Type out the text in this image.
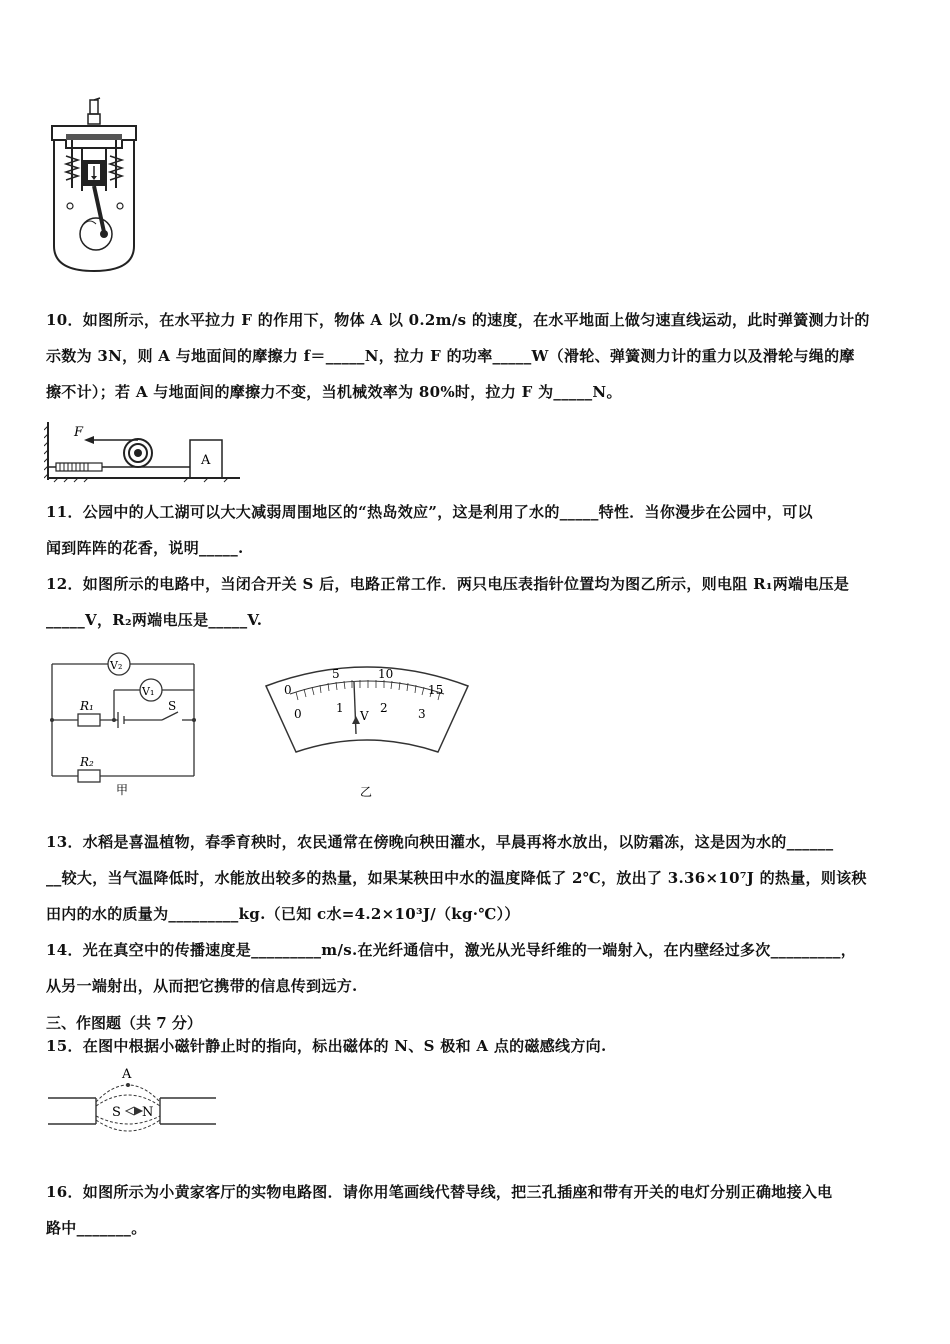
10．如图所示，在水平拉力 F 的作用下，物体 A 以 0.2m/s 的速度，在水平地面上做匀速直线运动，此时弹簧测力计的
示数为 3N，则 A 与地面间的摩擦力 f＝_____N，拉力 F 的功率_____W（滑轮、弹簧测力计的重力以及滑轮与绳的摩
擦不计）；若 A 与地面间的摩擦力不变，当机械效率为 80%时，拉力 F 为_____N。
F
A
11．公园中的人工湖可以大大减弱周围地区的“热岛效应”，这是利用了水的_____特性．当你漫步在公园中，可以
闻到阵阵的花香，说明_____.
12．如图所示的电路中，当闭合开关 S 后，电路正常工作．两只电压表指针位置均为图乙所示，则电阻 R₁两端电压是
_____V，R₂两端电压是_____V.
V₂
V₁
R₁
R₂
S
甲
0
5	10
15
0	1	2	3
V
乙
13．水稻是喜温植物，春季育秧时，农民通常在傍晚向秧田灌水，早晨再将水放出，以防霜冻，这是因为水的______
__较大，当气温降低时，水能放出较多的热量，如果某秧田中水的温度降低了 2℃，放出了 3.36×10⁷J 的热量，则该秧
田内的水的质量为_________kg.（已知 c水=4.2×10³J/（kg·℃））
14．光在真空中的传播速度是_________m/s.在光纤通信中，激光从光导纤维的一端射入，在内壁经过多次_________，
从另一端射出，从而把它携带的信息传到远方.
三、作图题（共 7 分）
15．在图中根据小磁针静止时的指向，标出磁体的 N、S 极和 A 点的磁感线方向.
A
S N
16．如图所示为小黄家客厅的实物电路图．请你用笔画线代替导线，把三孔插座和带有开关的电灯分别正确地接入电
路中_______。
